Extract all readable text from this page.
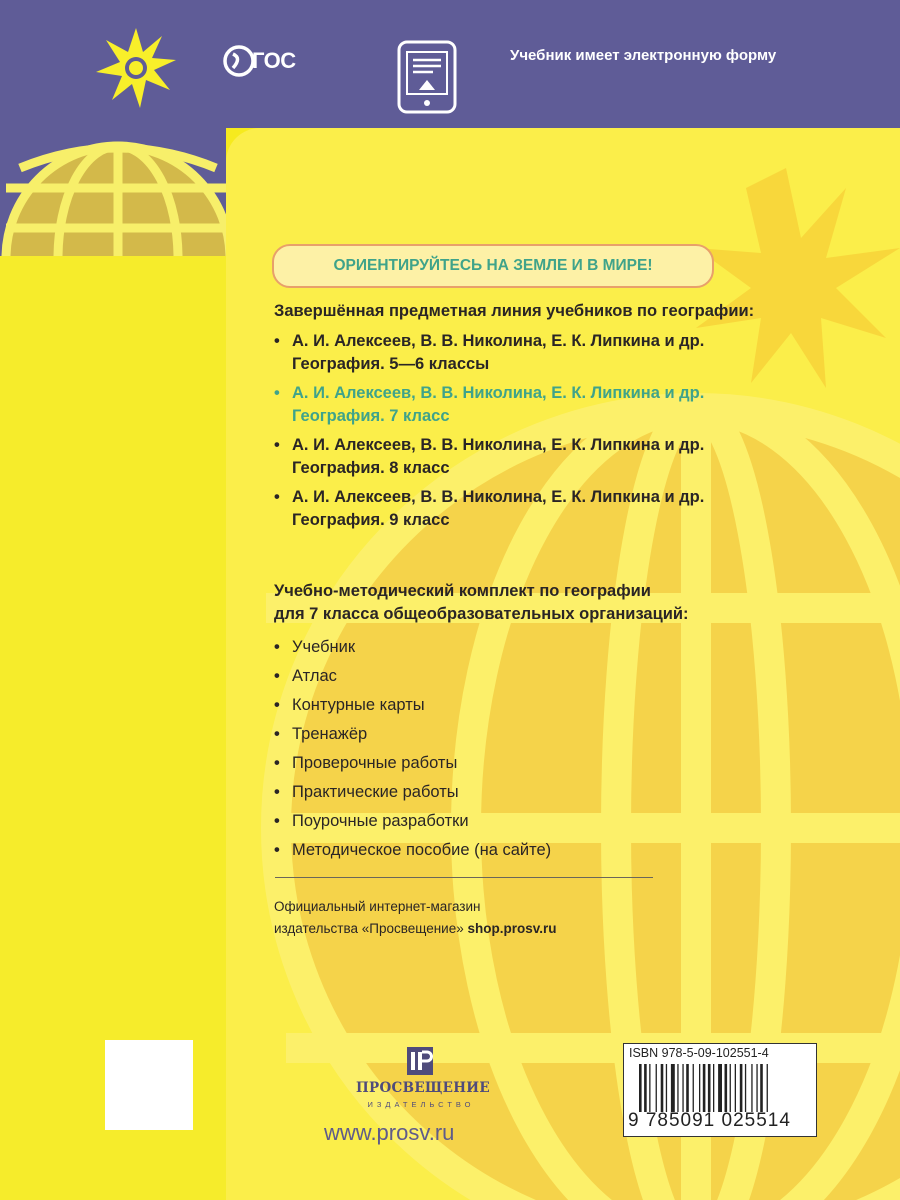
ГОС	Учебник имеет электронную форму
ОРИЕНТИРУЙТЕСЬ НА ЗЕМЛЕ И В МИРЕ!
Завершённая предметная линия учебников по географии:
• А. И. Алексеев, В. В. Николина, Е. К. Липкина и др.
География. 5—6 классы
• А. И. Алексеев, В. В. Николина, Е. К. Липкина и др.
География. 7 класс
• А. И. Алексеев, В. В. Николина, Е. К. Липкина и др.
География. 8 класс
• А. И. Алексеев, В. В. Николина, Е. К. Липкина и др.
География. 9 класс
Учебно-методический комплект по географии
для 7 класса общеобразовательных организаций:
• Учебник
• Атлас
• Контурные карты
• Тренажёр
• Проверочные работы
• Практические работы
• Поурочные разработки
• Методическое пособие (на сайте)
Официальный интернет-магазин
издательства «Просвещение» shop.prosv.ru
ПРОСВЕЩЕНИЕ
ИЗДАТЕЛЬСТВО
www.prosv.ru
ISBN 978-5-09-102551-4
9 785091 025514
